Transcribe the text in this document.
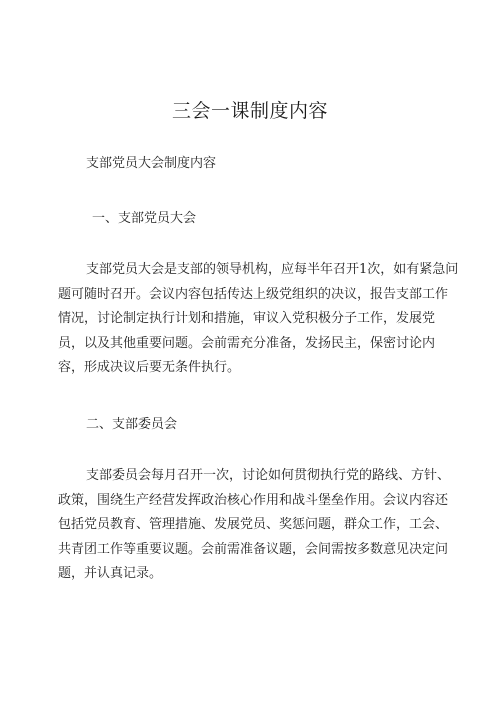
三会一课制度内容
支部党员大会制度内容
一、支部党员大会
支部党员大会是支部的领导机构，应每半年召开1次，如有紧急问
题可随时召开。会议内容包括传达上级党组织的决议，报告支部工作
情况，讨论制定执行计划和措施，审议入党积极分子工作，发展党
员，以及其他重要问题。会前需充分准备，发扬民主，保密讨论内
容，形成决议后要无条件执行。
二、支部委员会
支部委员会每月召开一次，讨论如何贯彻执行党的路线、方针、
政策，围绕生产经营发挥政治核心作用和战斗堡垒作用。会议内容还
包括党员教育、管理措施、发展党员、奖惩问题，群众工作，工会、
共青团工作等重要议题。会前需准备议题，会间需按多数意见决定问
题，并认真记录。
